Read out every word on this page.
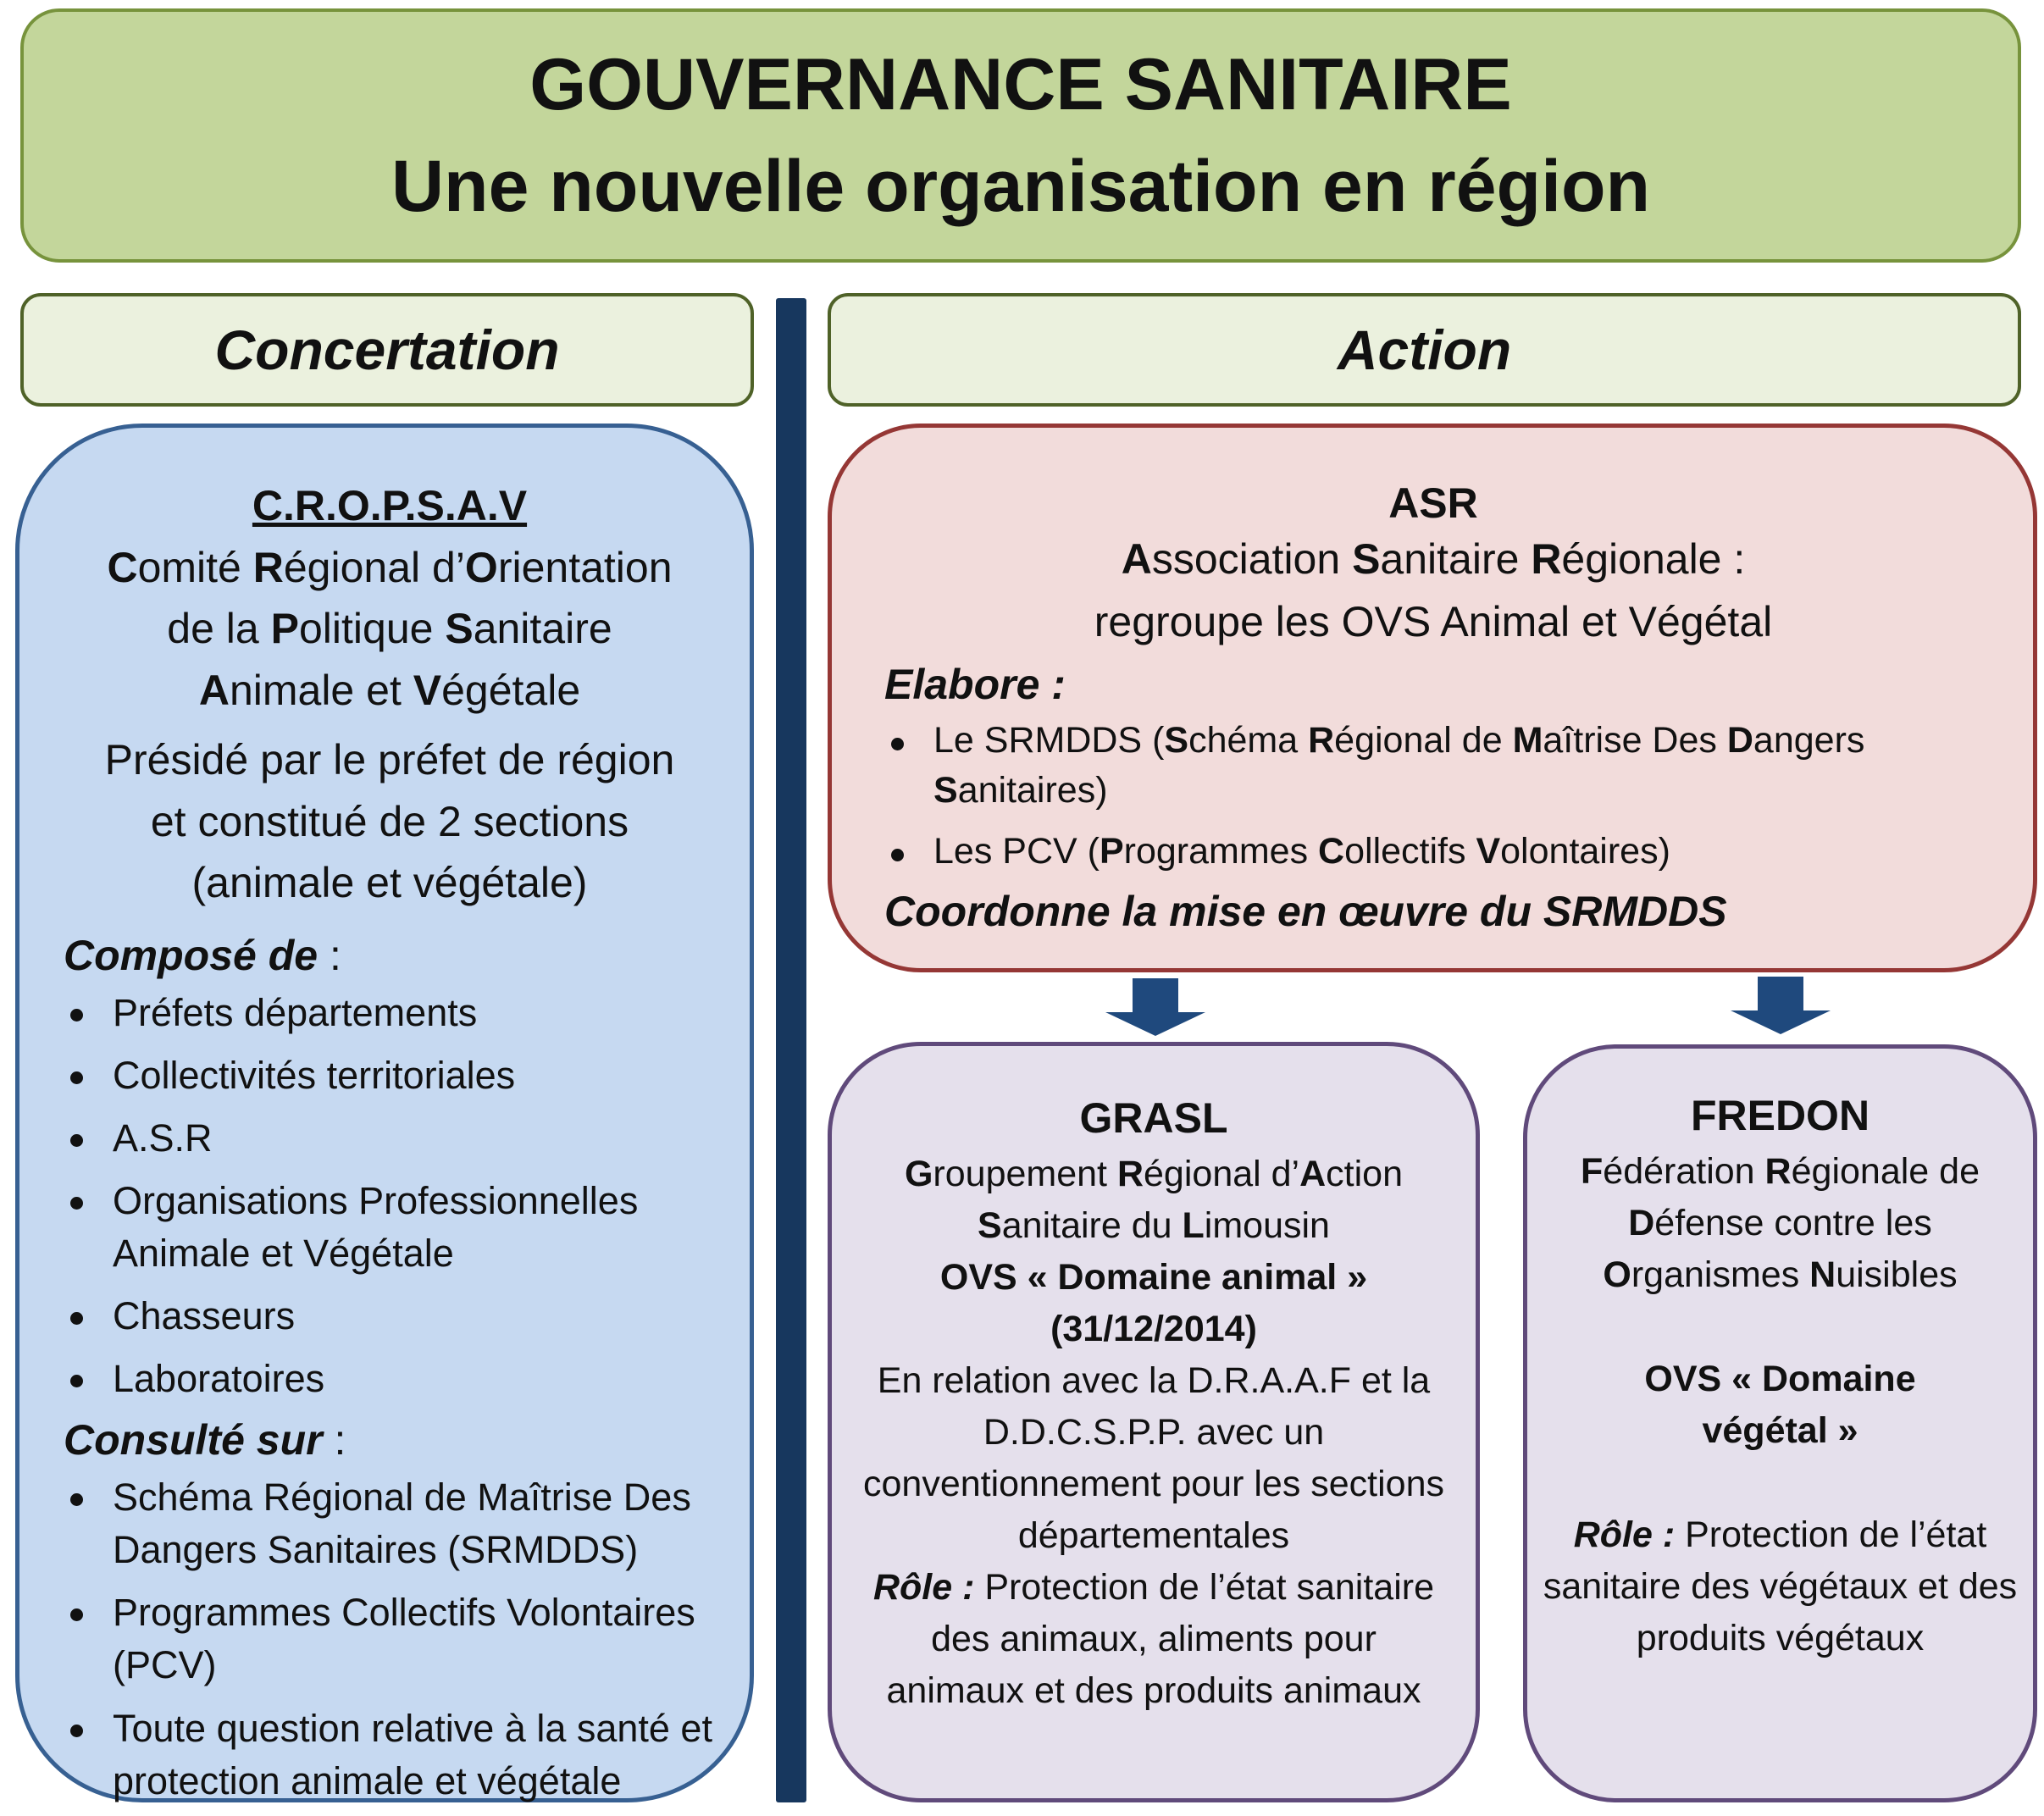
GOUVERNANCE SANITAIRE
Une nouvelle organisation en région
Concertation	Action
C.R.O.P.S.A.V
Comité Régional d’Orientation
de la Politique Sanitaire
Animale et Végétale
Présidé par le préfet de région
et constitué de 2 sections
(animale et végétale)
Composé de :
Préfets départements
Collectivités territoriales
A.S.R
Organisations Professionnelles Animale et Végétale
Chasseurs
Laboratoires
Consulté sur :
Schéma Régional de Maîtrise Des Dangers Sanitaires (SRMDDS)
Programmes Collectifs Volontaires (PCV)
Toute question relative à la santé et protection animale et végétale
ASR
Association Sanitaire Régionale :
regroupe les OVS Animal et Végétal
Elabore :
Le SRMDDS (Schéma Régional de Maîtrise Des Dangers Sanitaires)
Les PCV (Programmes Collectifs Volontaires)
Coordonne la mise en œuvre du SRMDDS
GRASL
Groupement Régional d’Action
Sanitaire du Limousin
OVS « Domaine animal »
(31/12/2014)
En relation avec la D.R.A.A.F et la D.D.C.S.P.P. avec un conventionnement pour les sections départementales
Rôle : Protection de l’état sanitaire des animaux, aliments pour animaux et des produits animaux
FREDON
Fédération Régionale de
Défense contre les
Organismes Nuisibles
OVS « Domaine végétal »
Rôle : Protection de l’état sanitaire des végétaux et des produits végétaux
